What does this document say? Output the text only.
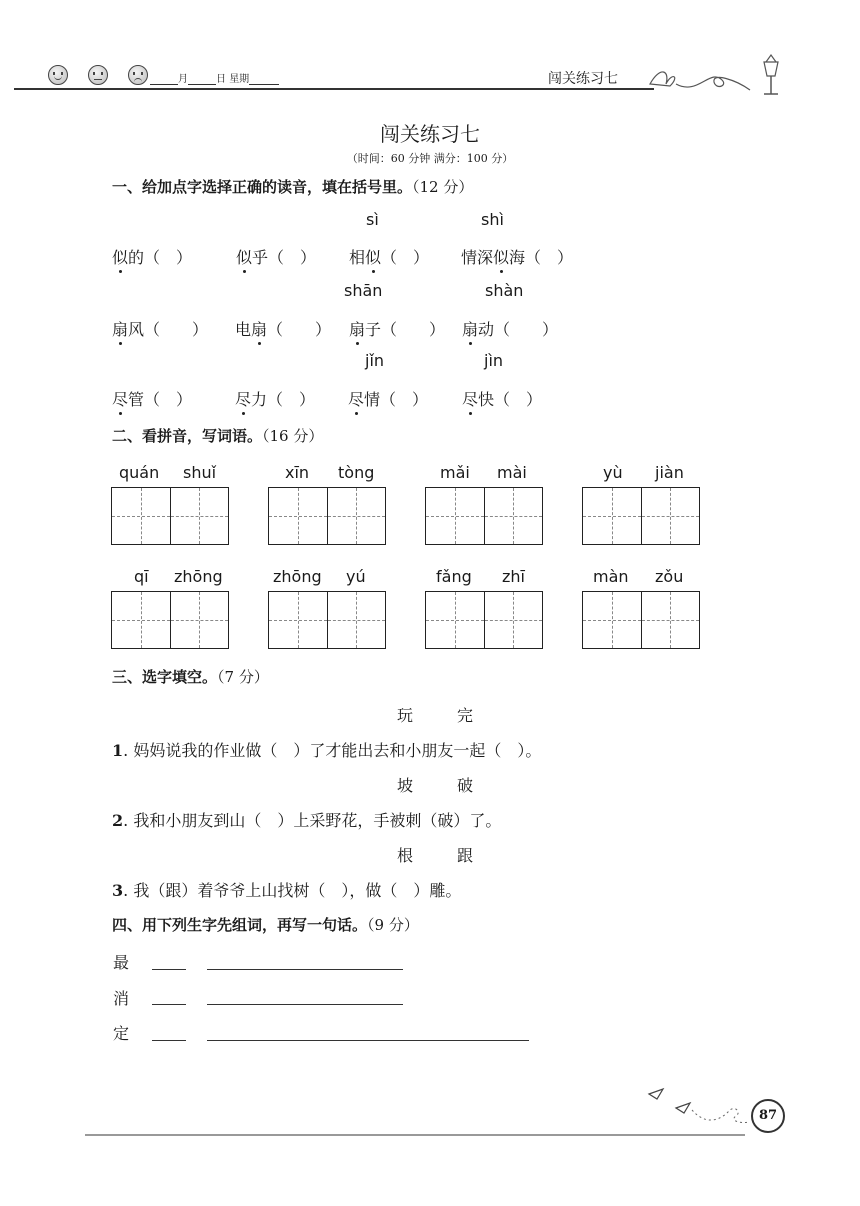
月	日 星期	闯关练习七
闯关练习七
（时间：60 分钟 满分：100 分）
一、给加点字选择正确的读音，填在括号里。（12 分）
sì	shì
似的（　）	似乎（　） 相似（　） 情深似海（　）
shān	shàn
扇风（　　） 电扇（　　） 扇子（　　） 扇动（　　）
jǐn	jìn
尽管（　）	尽力（　） 尽情（　） 尽快（　）
二、看拼音，写词语。（16 分）
quán shuǐ	xīn tòng	mǎi mài	yù jiàn
qī zhōng	zhōng yú	fǎng zhī	màn zǒu
三、选字填空。（7 分）
玩	完
1. 妈妈说我的作业做（　）了才能出去和小朋友一起（　）。
坡	破
2. 我和小朋友到山（　）上采野花，手被刺（破）了。
根	跟
3. 我（跟）着爷爷上山找树（　），做（　）雕。
四、用下列生字先组词，再写一句话。（9 分）
最
消
定
87
